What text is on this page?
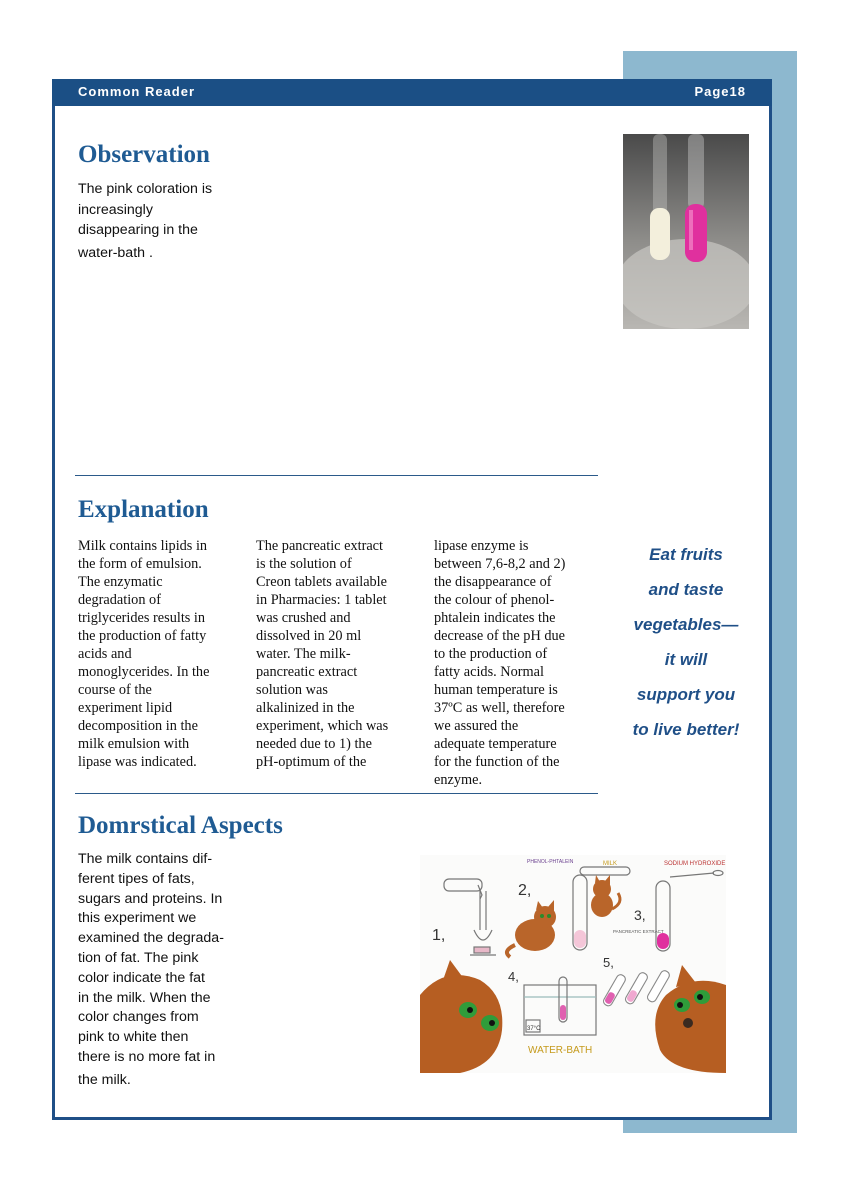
Common Reader	Page18
Observation
The pink coloration is
increasingly
disappearing in the
water-bath .
Explanation
Milk contains lipids in
the form of emulsion.
The enzymatic
degradation of
triglycerides results in
the production of fatty
acids and
monoglycerides. In the
course of the
experiment lipid
decomposition in the
milk emulsion with
lipase was indicated.
The pancreatic extract
is the solution of
Creon tablets available
in Pharmacies: 1 tablet
was crushed and
dissolved in 20 ml
water. The milk-
pancreatic extract
solution was
alkalinized in the
experiment, which was
needed due to 1) the
pH-optimum of the
lipase enzyme is
between 7,6-8,2 and 2)
the disappearance of
the colour of phenol-
phtalein indicates the
decrease of the pH due
to the production of
fatty acids. Normal
human temperature is
37ºC as well, therefore
we assured the
adequate temperature
for the function of the
enzyme.
Eat fruits
and taste
vegetables—
it will
support you
to live better!
Domrstical Aspects
The milk contains dif-
ferent tipes of fats,
sugars and proteins. In
this experiment we
examined the degrada-
tion of fat. The pink
color indicate the fat
in the milk. When the
color changes from
pink to white then
there is no more fat in
the milk.
1,
2,
PHENOL-PHTALEIN	MILK
PANCREATIC EXTRACT
3,
SODIUM HYDROXIDE
5,
4,
37°C
WATER-BATH
